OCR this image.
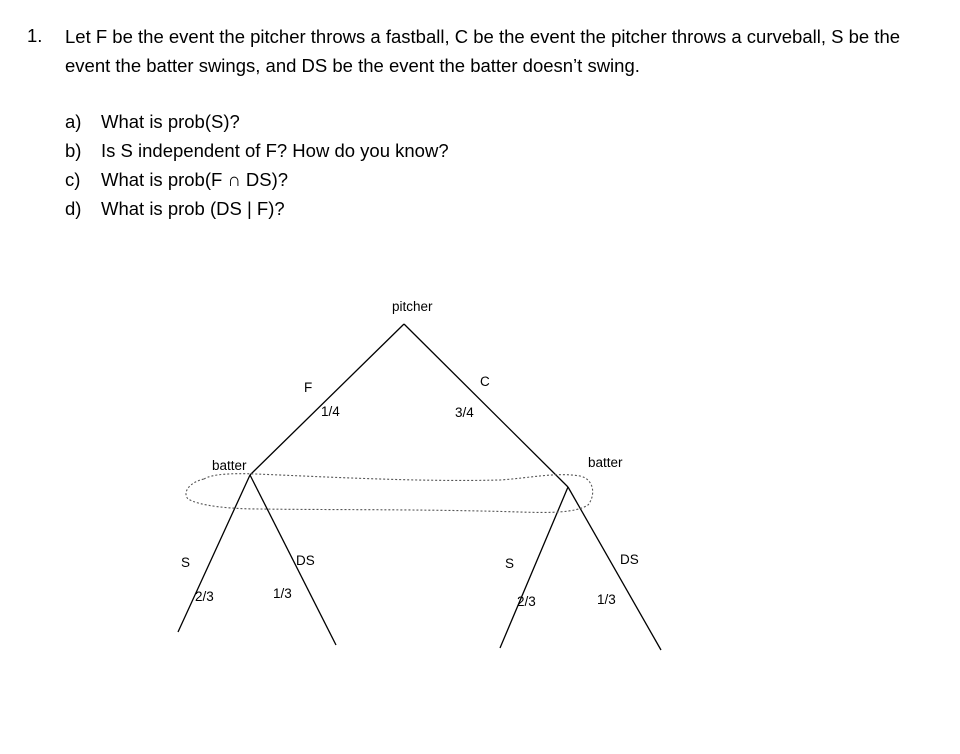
1. Let F be the event the pitcher throws a fastball, C be the event the pitcher throws a curveball, S be the event the batter swings, and DS be the event the batter doesn’t swing.
a) What is prob(S)?
b) Is S independent of F? How do you know?
c) What is prob(F ∩ DS)?
d) What is prob (DS | F)?
pitcher
F
1/4
C
3/4
batter	batter
S
2/3
DS
1/3
S
2/3
DS
1/3
